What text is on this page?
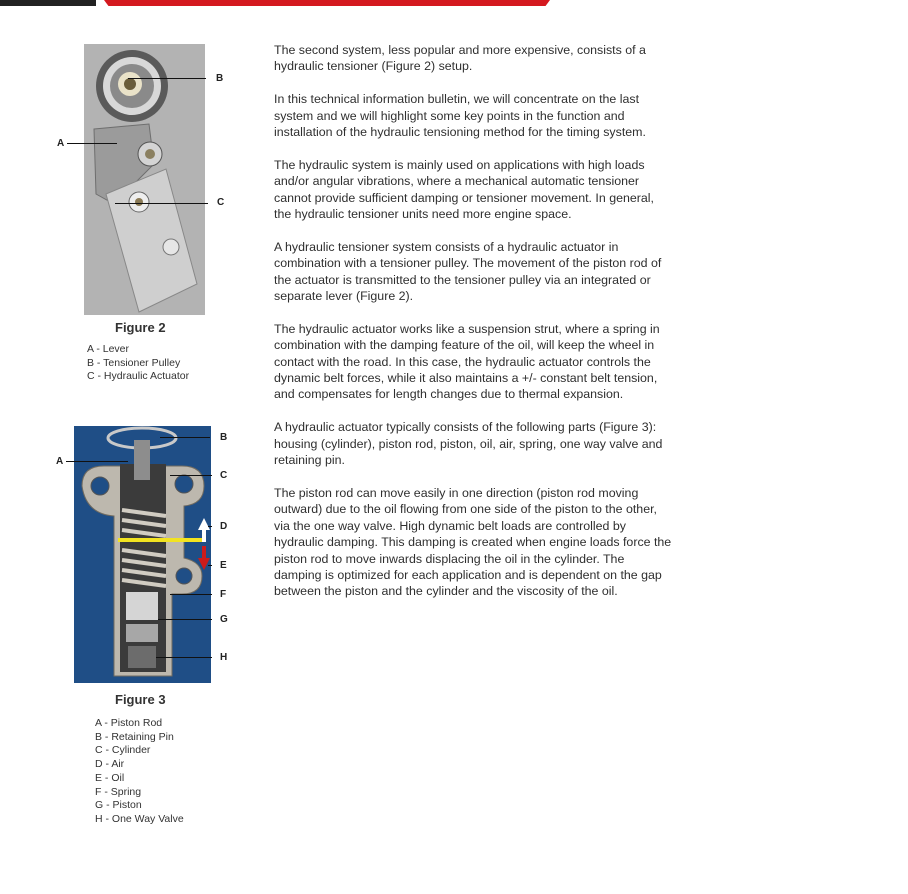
B
A
C
Figure 2
A - Lever
B - Tensioner Pulley
C - Hydraulic Actuator
B
A
C
D
E
F
G
H
Figure 3
A - Piston Rod
B - Retaining Pin
C - Cylinder
D - Air
E - Oil
F - Spring
G - Piston
H - One Way Valve

The second system, less popular and more expensive, consists of a hydraulic tensioner (Figure 2) setup.

In this technical information bulletin, we will concentrate on the last system and we will highlight some key points in the function and installation of the hydraulic tensioning method for the timing system.

The hydraulic system is mainly used on applications with high loads and/or angular vibrations, where a mechanical automatic tensioner cannot provide sufficient damping or tensioner movement. In general, the hydraulic tensioner units need more engine space.

A hydraulic tensioner system consists of a hydraulic actuator in combination with a tensioner pulley. The movement of the piston rod of the actuator is transmitted to the tensioner pulley via an integrated or separate lever (Figure 2).

The hydraulic actuator works like a suspension strut, where a spring in combination with the damping feature of the oil, will keep the wheel in contact with the road. In this case, the hydraulic actuator controls the dynamic belt forces, while it also maintains a +/- constant belt tension, and compensates for length changes due to thermal expansion.

A hydraulic actuator typically consists of the following parts (Figure 3): housing (cylinder), piston rod, piston, oil, air, spring, one way valve and retaining pin.

The piston rod can move easily in one direction (piston rod moving outward) due to the oil flowing from one side of the piston to the other, via the one way valve. High dynamic belt loads are controlled by hydraulic damping. This damping is created when engine loads force the piston rod to move inwards displacing the oil in the cylinder. The damping is optimized for each application and is dependent on the gap between the piston and the cylinder and the viscosity of the oil.
